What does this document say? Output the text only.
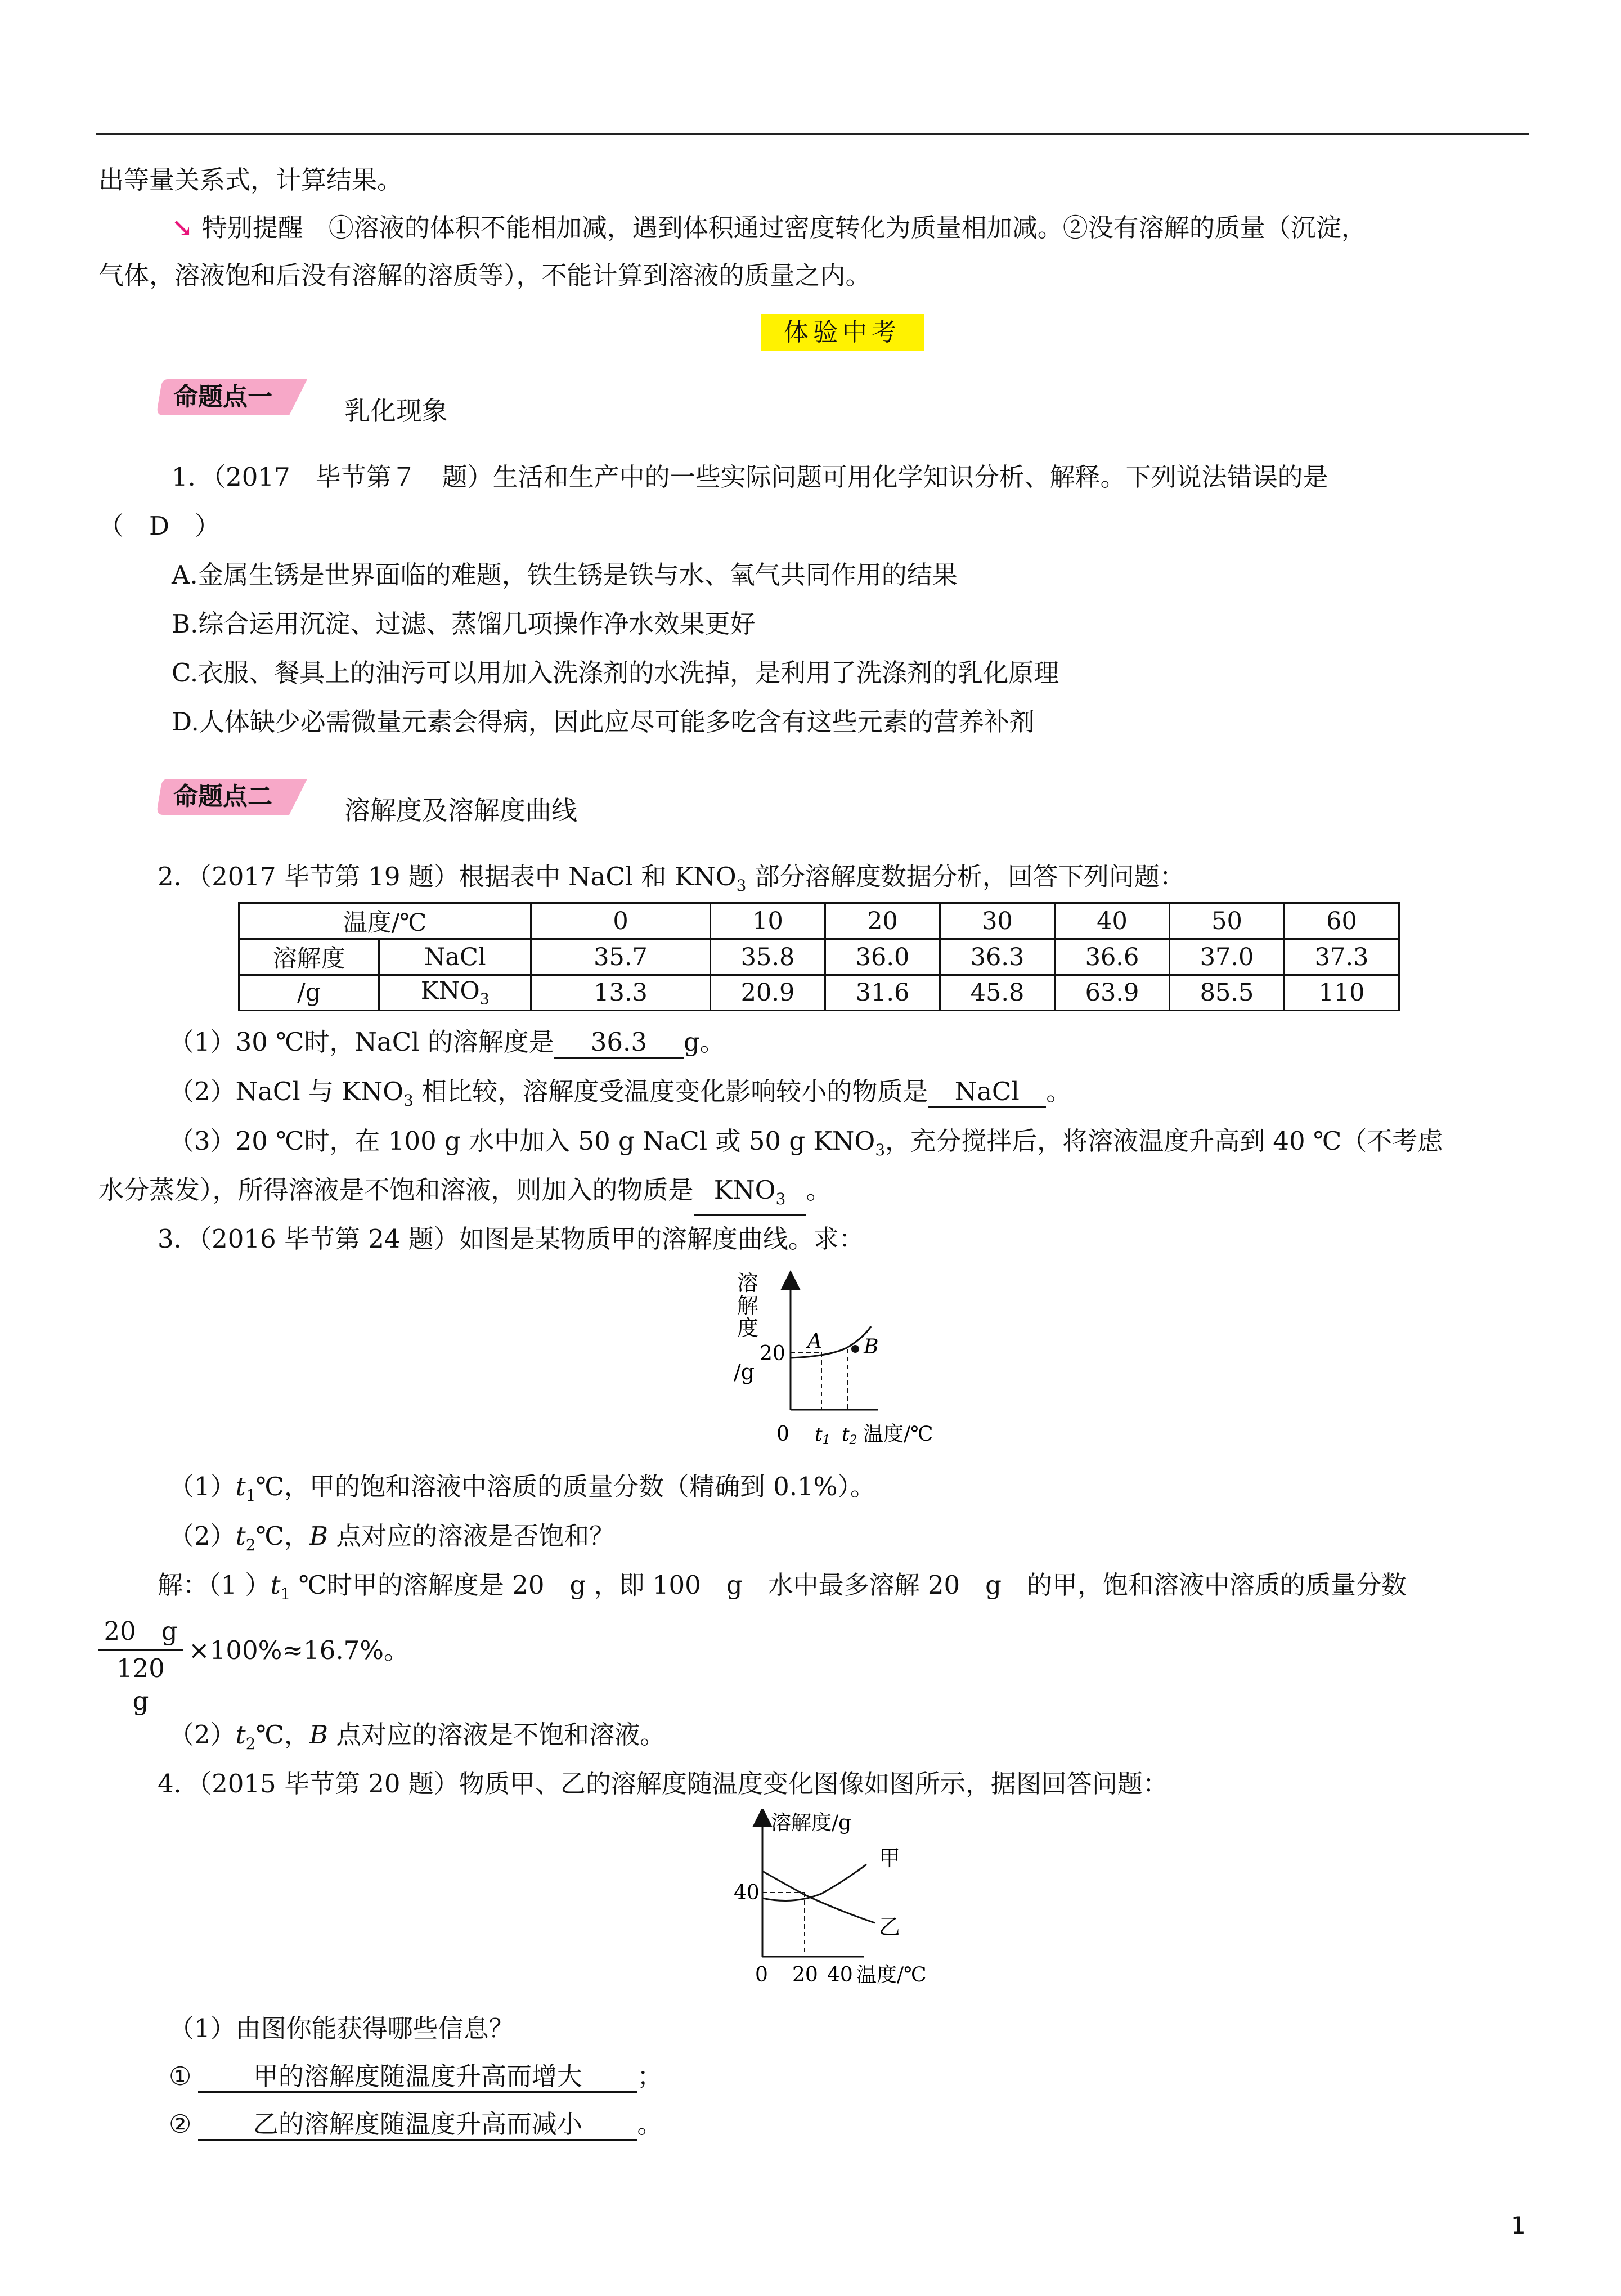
出等量关系式，计算结果。
↘ 特别提醒　 ①溶液的体积不能相加减，遇到体积通过密度转化为质量相加减。②没有溶解的质量（沉淀，
气体，溶液饱和后没有溶解的溶质等），不能计算到溶液的质量之内。
体验中考
命题点一	乳化现象
1．（2017　毕节第７　题）生活和生产中的一些实际问题可用化学知识分析、解释。下列说法错误的是
（　D　）
A.金属生锈是世界面临的难题，铁生锈是铁与水、氧气共同作用的结果
B.综合运用沉淀、过滤、蒸馏几项操作净水效果更好
C.衣服、餐具上的油污可以用加入洗涤剂的水洗掉，是利用了洗涤剂的乳化原理
D.人体缺少必需微量元素会得病，因此应尽可能多吃含有这些元素的营养补剂
命题点二	溶解度及溶解度曲线
2．（2017 毕节第 19 题）根据表中 NaCl 和 $KNO_3$ 部分溶解度数据分析，回答下列问题：
温度/℃		0	10	20	30	40	50	60
溶解度	NaCl	35.7	35.8	36.0	36.3	36.6	37.0	37.3
/g	$KNO_3$	13.3	20.9	31.6	45.8	63.9	85.5	110
（1）30 ℃时，NaCl 的溶解度是 36.3 g。
（2）NaCl 与 $KNO_3$ 相比较，溶解度受温度变化影响较小的物质是 NaCl 。
（3）20 ℃时，在 100 g 水中加入 50 g NaCl 或 50 g $KNO_3$，充分搅拌后，将溶液温度升高到 40 ℃（不考虑
水分蒸发），所得溶液是不饱和溶液，则加入的物质是 $KNO_3$ 。
3．（2016 毕节第 24 题）如图是某物质甲的溶解度曲线。求：
溶
解
度
/g
20
A B
0 t1 t2 温度/℃
$(1)t_1℃$，甲的饱和溶液中溶质的质量分数（精确到 0.1%）。
$(2)t_2℃$，B 点对应的溶液是否饱和？
解：（1 ）$t_1$ ℃时甲的溶解度是 20　g ，即 100　g　水中最多溶解 20　g　的甲，饱和溶液中溶质的质量分数
20　g
120　g
×100%≈16.7%。
$(2)t_2℃$，B 点对应的溶液是不饱和溶液。
4．（2015 毕节第 20 题）物质甲、乙的溶解度随温度变化图像如图所示，据图回答问题：
溶解度/g
40
0 20 40 温度/℃
甲
乙
（1）由图你能获得哪些信息？
① 甲的溶解度随温度升高而增大 ；
② 乙的溶解度随温度升高而减小 。
1
